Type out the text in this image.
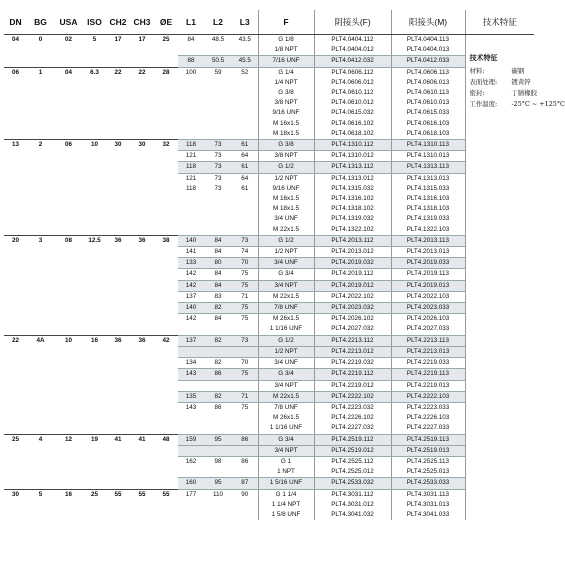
DN	BG	USA	ISO	CH2	CH3	ØE	L1	L2	L3	F	阴接头(F)	阳接头(M)	技术特征
04	0	02	5	17	17	25	84	48.5	43.5	G 1/8	PLT4.0404.112	PLT4.0404.113	技术特征
材料: 碳钢
表面处理: 镀黄锌
密封: 丁腈橡胶
工作温度: -25°C ~ +125°C

										1/8 NPT	PLT4.0404.012	PLT4.0404.013	
							88	50.5	45.5	7/16 UNF	PLT4.0412.032	PLT4.0412.033	
06	1	04	6.3	22	22	28	100	59	52	G 1/4	PLT4.0606.112	PLT4.0606.113	
										1/4 NPT	PLT4.0606.012	PLT4.0606.013	
										G 3/8	PLT4.0610.112	PLT4.0610.113	
										3/8 NPT	PLT4.0610.012	PLT4.0610.013	
										9/16 UNF	PLT4.0615.032	PLT4.0615.033	
										M 16x1.5	PLT4.0616.102	PLT4.0616.103	
										M 18x1.5	PLT4.0618.102	PLT4.0618.103	
13	2	06	10	30	30	32	118	73	61	G 3/8	PLT4.1310.112	PLT4.1310.113	
							121	73	64	3/8 NPT	PLT4.1310.012	PLT4.1310.013	
							118	73	61	G 1/2	PLT4.1313.112	PLT4.1313.113	
							121	73	64	1/2 NPT	PLT4.1313.012	PLT4.1313.013	
							118	73	61	9/16 UNF	PLT4.1315.032	PLT4.1315.033	
										M 16x1.5	PLT4.1316.102	PLT4.1316.103	
										M 18x1.5	PLT4.1318.102	PLT4.1318.103	
										3/4 UNF	PLT4.1319.032	PLT4.1319.033	
										M 22x1.5	PLT4.1322.102	PLT4.1322.103	
20	3	08	12.5	36	36	38	140	84	73	G 1/2	PLT4.2013.112	PLT4.2013.113	
							141	84	74	1/2 NPT	PLT4.2013.012	PLT4.2013.013	
							133	80	70	3/4 UNF	PLT4.2019.032	PLT4.2019.033	
							142	84	75	G 3/4	PLT4.2019.112	PLT4.2019.113	
							142	84	75	3/4 NPT	PLT4.2019.012	PLT4.2019.013	
							137	83	71	M 22x1.5	PLT4.2022.102	PLT4.2022.103	
							140	82	75	7/8 UNF	PLT4.2023.032	PLT4.2023.033	
							142	84	75	M 26x1.5	PLT4.2026.102	PLT4.2026.103	
										1 1/16 UNF	PLT4.2027.032	PLT4.2027.033	
22	4A	10	16	36	36	42	137	82	73	G 1/2	PLT4.2213.112	PLT4.2213.113	
										1/2 NPT	PLT4.2213.012	PLT4.2213.013	
							134	82	70	3/4 UNF	PLT4.2219.032	PLT4.2219.033	
							143	86	75	G 3/4	PLT4.2219.112	PLT4.2219.113	
										3/4 NPT	PLT4.2219.012	PLT4.2219.013	
							135	82	71	M 22x1.5	PLT4.2222.102	PLT4.2222.103	
							143	86	75	7/8 UNF	PLT4.2223.032	PLT4.2223.033	
										M 26x1.5	PLT4.2226.102	PLT4.2226.103	
										1 1/16 UNF	PLT4.2227.032	PLT4.2227.033	
25	4	12	19	41	41	48	159	95	86	G 3/4	PLT4.2519.112	PLT4.2519.113	
										3/4 NPT	PLT4.2519.012	PLT4.2519.013	
							162	98	86	G 1	PLT4.2525.112	PLT4.2525.113	
										1 NPT	PLT4.2525.012	PLT4.2525.013	
							160	95	87	1 5/16 UNF	PLT4.2533.032	PLT4.2533.033	
30	5	16	25	55	55	55	177	110	90	G 1 1/4	PLT4.3031.112	PLT4.3031.113	
										1 1/4 NPT	PLT4.3031.012	PLT4.3031.013	
										1 5/8 UNF	PLT4.3041.032	PLT4.3041.033	
